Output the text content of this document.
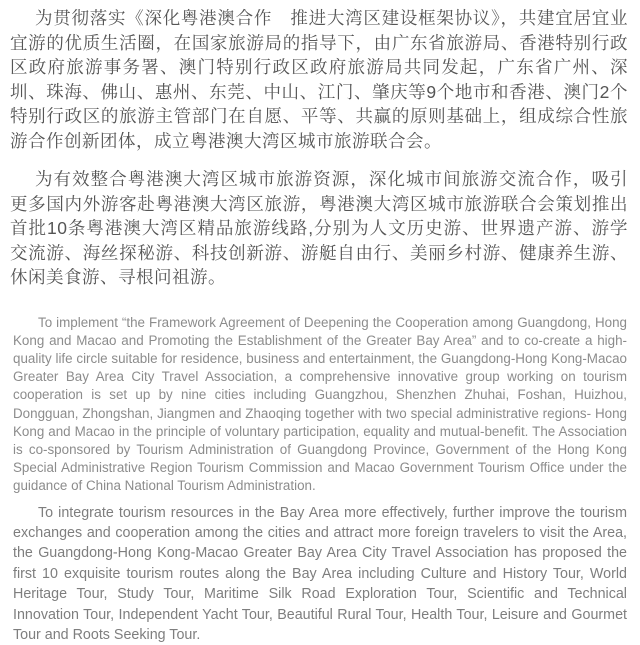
为贯彻落实《深化粤港澳合作　推进大湾区建设框架协议》，共建宜居宜业宜游的优质生活圈，在国家旅游局的指导下，由广东省旅游局、香港特别行政区政府旅游事务署、澳门特别行政区政府旅游局共同发起，广东省广州、深圳、珠海、佛山、惠州、东莞、中山、江门、肇庆等9个地市和香港、澳门2个特别行政区的旅游主管部门在自愿、平等、共赢的原则基础上，组成综合性旅游合作创新团体，成立粤港澳大湾区城市旅游联合会。

为有效整合粤港澳大湾区城市旅游资源，深化城市间旅游交流合作，吸引更多国内外游客赴粤港澳大湾区旅游，粤港澳大湾区城市旅游联合会策划推出首批10条粤港澳大湾区精品旅游线路,分别为人文历史游、世界遗产游、游学交流游、海丝探秘游、科技创新游、游艇自由行、美丽乡村游、健康养生游、休闲美食游、寻根问祖游。

To implement “the Framework Agreement of Deepening the Cooperation among Guangdong, Hong Kong and Macao and Promoting the Establishment of the Greater Bay Area” and to co-create a high-quality life circle suitable for residence, business and entertainment, the Guangdong-Hong Kong-Macao Greater Bay Area City Travel Association, a comprehensive innovative group working on tourism cooperation is set up by nine cities including Guangzhou, Shenzhen Zhuhai, Foshan, Huizhou, Dongguan, Zhongshan, Jiangmen and Zhaoqing together with two special administrative regions- Hong Kong and Macao in the principle of voluntary participation, equality and mutual-benefit. The Association is co-sponsored by Tourism Administration of Guangdong Province, Government of the Hong Kong Special Administrative Region Tourism Commission and Macao Government Tourism Office under the guidance of China National Tourism Administration.

To integrate tourism resources in the Bay Area more effectively, further improve the tourism exchanges and cooperation among the cities and attract more foreign travelers to visit the Area, the Guangdong-Hong Kong-Macao Greater Bay Area City Travel Association has proposed the first 10 exquisite tourism routes along the Bay Area including Culture and History Tour, World Heritage Tour, Study Tour, Maritime Silk Road Exploration Tour, Scientific and Technical Innovation Tour, Independent Yacht Tour, Beautiful Rural Tour, Health Tour, Leisure and Gourmet Tour and Roots Seeking Tour.
